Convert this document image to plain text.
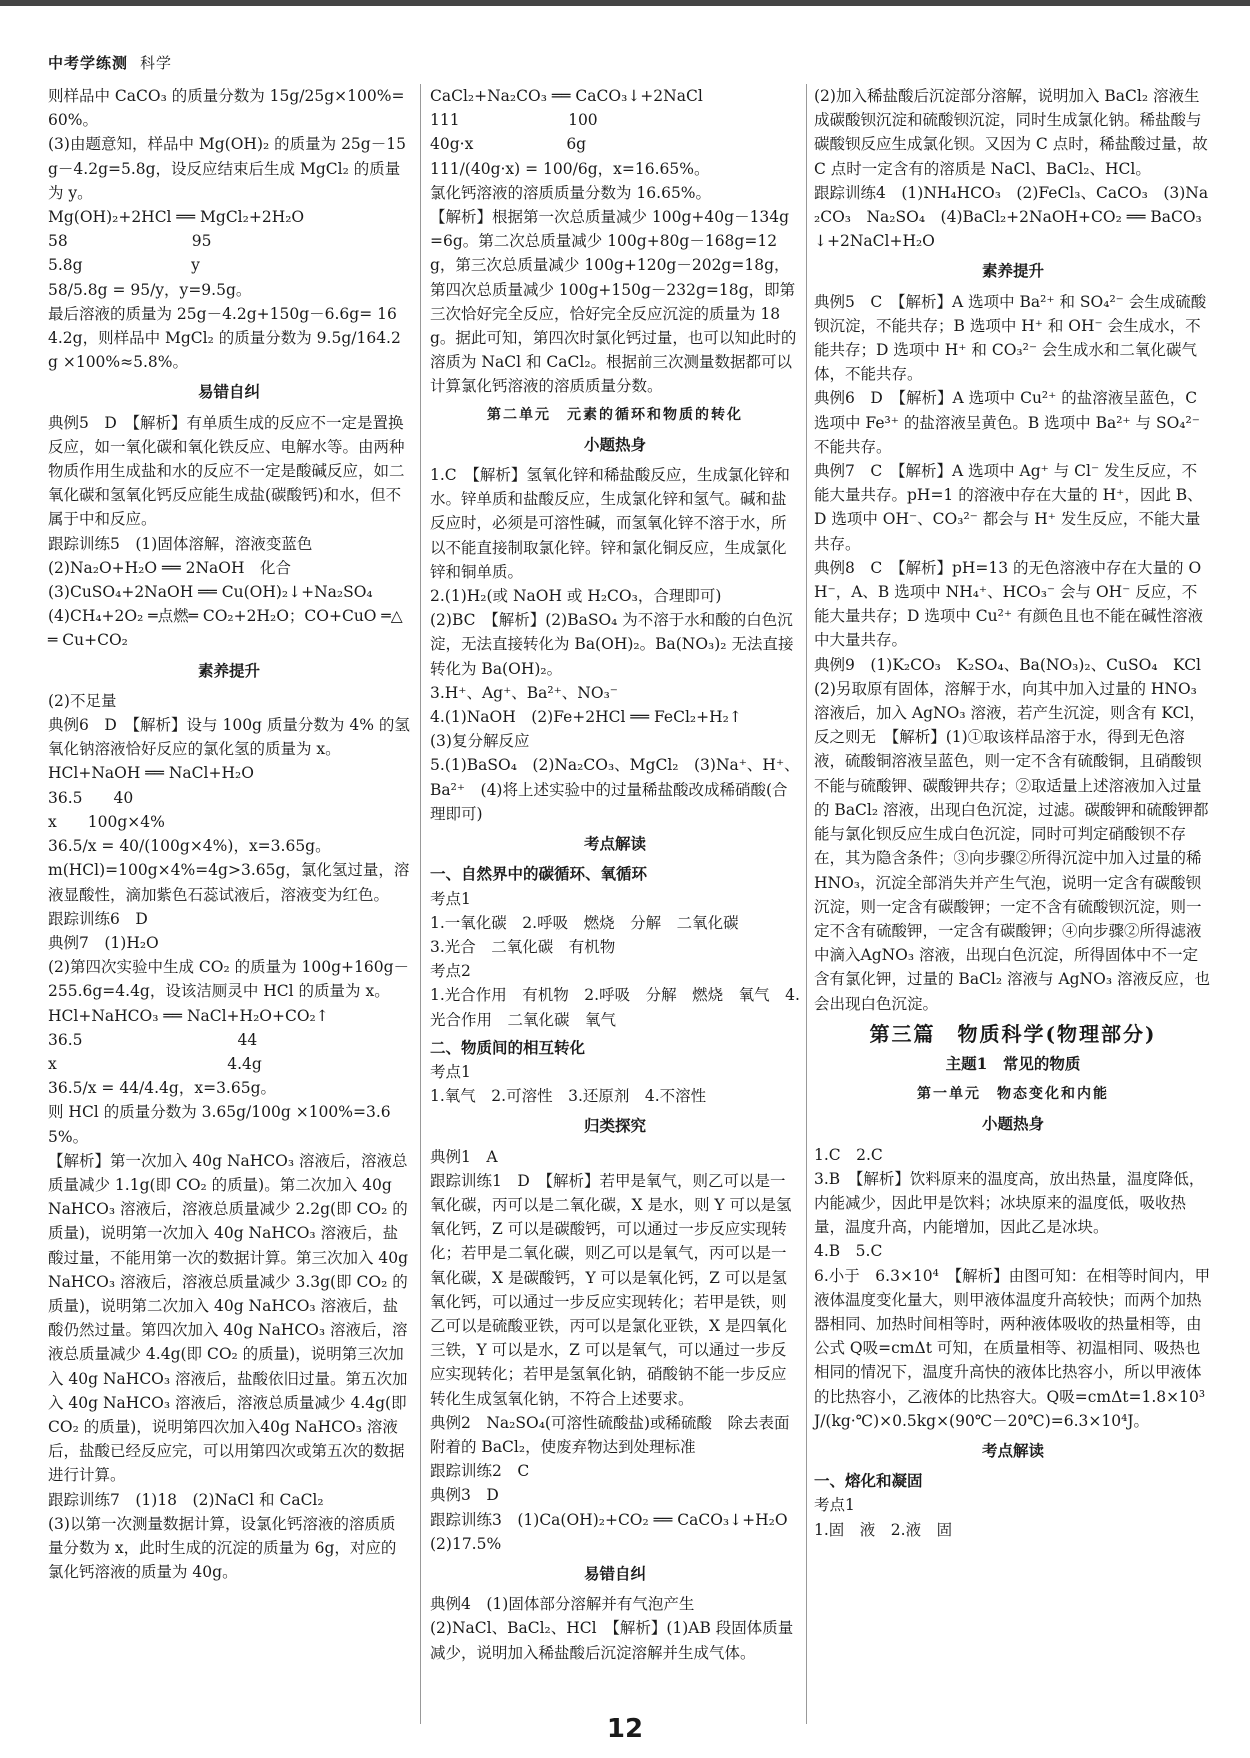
中考学练测 科学

则样品中 CaCO₃ 的质量分数为 15g/25g×100%=

60%。

(3)由题意知，样品中 Mg(OH)₂ 的质量为 25g－15g－4.2g=5.8g，设反应结束后生成 MgCl₂ 的质量为 y。

Mg(OH)₂+2HCl ══ MgCl₂+2H₂O

58　　　　　　　　95

5.8g　　　　　　　y

58/5.8g = 95/y，y=9.5g。

最后溶液的质量为 25g－4.2g+150g－6.6g= 164.2g，则样品中 MgCl₂ 的质量分数为 9.5g/164.2g ×100%≈5.8%。

易错自纠

典例5　D　【解析】有单质生成的反应不一定是置换反应，如一氧化碳和氧化铁反应、电解水等。由两种物质作用生成盐和水的反应不一定是酸碱反应，如二氧化碳和氢氧化钙反应能生成盐(碳酸钙)和水，但不属于中和反应。

跟踪训练5　(1)固体溶解，溶液变蓝色

(2)Na₂O+H₂O ══ 2NaOH　化合

(3)CuSO₄+2NaOH ══ Cu(OH)₂↓+Na₂SO₄

(4)CH₄+2O₂ ═点燃═ CO₂+2H₂O；CO+CuO ═△═ Cu+CO₂

素养提升

(2)不足量

典例6　D　【解析】设与 100g 质量分数为 4% 的氢氧化钠溶液恰好反应的氯化氢的质量为 x。

HCl+NaOH ══ NaCl+H₂O

36.5　　40

x　　100g×4%

36.5/x = 40/(100g×4%)，x=3.65g。

m(HCl)=100g×4%=4g>3.65g，氯化氢过量，溶液显酸性，滴加紫色石蕊试液后，溶液变为红色。

跟踪训练6　D

典例7　(1)H₂O

(2)第四次实验中生成 CO₂ 的质量为 100g+160g－255.6g=4.4g，设该洁厕灵中 HCl 的质量为 x。

HCl+NaHCO₃ ══ NaCl+H₂O+CO₂↑

36.5　　　　　　　　　　44

x　　　　　　　　　　　4.4g

36.5/x = 44/4.4g，x=3.65g。

则 HCl 的质量分数为 3.65g/100g ×100%=3.65%。

【解析】第一次加入 40g NaHCO₃ 溶液后，溶液总质量减少 1.1g(即 CO₂ 的质量)。第二次加入 40g NaHCO₃ 溶液后，溶液总质量减少 2.2g(即 CO₂ 的质量)，说明第一次加入 40g NaHCO₃ 溶液后，盐酸过量，不能用第一次的数据计算。第三次加入 40g NaHCO₃ 溶液后，溶液总质量减少 3.3g(即 CO₂ 的质量)，说明第二次加入 40g NaHCO₃ 溶液后，盐酸仍然过量。第四次加入 40g NaHCO₃ 溶液后，溶液总质量减少 4.4g(即 CO₂ 的质量)，说明第三次加入 40g NaHCO₃ 溶液后，盐酸依旧过量。第五次加入 40g NaHCO₃ 溶液后，溶液总质量减少 4.4g(即 CO₂ 的质量)，说明第四次加入40g NaHCO₃ 溶液后，盐酸已经反应完，可以用第四次或第五次的数据进行计算。

跟踪训练7　(1)18　(2)NaCl 和 CaCl₂

(3)以第一次测量数据计算，设氯化钙溶液的溶质质量分数为 x，此时生成的沉淀的质量为 6g，对应的氯化钙溶液的质量为 40g。

CaCl₂+Na₂CO₃ ══ CaCO₃↓+2NaCl

111　　　　　　　100

40g·x　　　　　　6g

111/(40g·x) = 100/6g，x=16.65%。

氯化钙溶液的溶质质量分数为 16.65%。

【解析】根据第一次总质量减少 100g+40g－134g=6g。第二次总质量减少 100g+80g－168g=12g，第三次总质量减少 100g+120g－202g=18g，第四次总质量减少 100g+150g－232g=18g，即第三次恰好完全反应，恰好完全反应沉淀的质量为 18g。据此可知，第四次时氯化钙过量，也可以知此时的溶质为 NaCl 和 CaCl₂。根据前三次测量数据都可以计算氯化钙溶液的溶质质量分数。

第二单元　元素的循环和物质的转化

小题热身

1.C　【解析】氢氧化锌和稀盐酸反应，生成氯化锌和水。锌单质和盐酸反应，生成氯化锌和氢气。碱和盐反应时，必须是可溶性碱，而氢氧化锌不溶于水，所以不能直接制取氯化锌。锌和氯化铜反应，生成氯化锌和铜单质。

2.(1)H₂(或 NaOH 或 H₂CO₃，合理即可)

(2)BC　【解析】(2)BaSO₄ 为不溶于水和酸的白色沉淀，无法直接转化为 Ba(OH)₂。Ba(NO₃)₂ 无法直接转化为 Ba(OH)₂。

3.H⁺、Ag⁺、Ba²⁺、NO₃⁻

4.(1)NaOH　(2)Fe+2HCl ══ FeCl₂+H₂↑

(3)复分解反应

5.(1)BaSO₄　(2)Na₂CO₃、MgCl₂　(3)Na⁺、H⁺、Ba²⁺　(4)将上述实验中的过量稀盐酸改成稀硝酸(合理即可)

考点解读

一、自然界中的碳循环、氧循环

考点1

1.一氧化碳　2.呼吸　燃烧　分解　二氧化碳

3.光合　二氧化碳　有机物

考点2

1.光合作用　有机物　2.呼吸　分解　燃烧　氧气　4.光合作用　二氧化碳　氧气

二、物质间的相互转化

考点1

1.氧气　2.可溶性　3.还原剂　4.不溶性

归类探究

典例1　A

跟踪训练1　D　【解析】若甲是氧气，则乙可以是一氧化碳，丙可以是二氧化碳，X 是水，则 Y 可以是氢氧化钙，Z 可以是碳酸钙，可以通过一步反应实现转化；若甲是二氧化碳，则乙可以是氧气，丙可以是一氧化碳，X 是碳酸钙，Y 可以是氧化钙，Z 可以是氢氧化钙，可以通过一步反应实现转化；若甲是铁，则乙可以是硫酸亚铁，丙可以是氯化亚铁，X 是四氧化三铁，Y 可以是水，Z 可以是氧气，可以通过一步反应实现转化；若甲是氢氧化钠，硝酸钠不能一步反应转化生成氢氧化钠，不符合上述要求。

典例2　Na₂SO₄(可溶性硫酸盐)或稀硫酸　除去表面附着的 BaCl₂，使废弃物达到处理标准

跟踪训练2　C

典例3　D

跟踪训练3　(1)Ca(OH)₂+CO₂ ══ CaCO₃↓+H₂O　(2)17.5%

易错自纠

典例4　(1)固体部分溶解并有气泡产生

(2)NaCl、BaCl₂、HCl　【解析】(1)AB 段固体质量减少，说明加入稀盐酸后沉淀溶解并生成气体。

(2)加入稀盐酸后沉淀部分溶解，说明加入 BaCl₂ 溶液生成碳酸钡沉淀和硫酸钡沉淀，同时生成氯化钠。稀盐酸与碳酸钡反应生成氯化钡。又因为 C 点时，稀盐酸过量，故 C 点时一定含有的溶质是 NaCl、BaCl₂、HCl。

跟踪训练4　(1)NH₄HCO₃　(2)FeCl₃、CaCO₃　(3)Na₂CO₃　Na₂SO₄　(4)BaCl₂+2NaOH+CO₂ ══ BaCO₃↓+2NaCl+H₂O

素养提升

典例5　C　【解析】A 选项中 Ba²⁺ 和 SO₄²⁻ 会生成硫酸钡沉淀，不能共存；B 选项中 H⁺ 和 OH⁻ 会生成水，不能共存；D 选项中 H⁺ 和 CO₃²⁻ 会生成水和二氧化碳气体，不能共存。

典例6　D　【解析】A 选项中 Cu²⁺ 的盐溶液呈蓝色，C 选项中 Fe³⁺ 的盐溶液呈黄色。B 选项中 Ba²⁺ 与 SO₄²⁻ 不能共存。

典例7　C　【解析】A 选项中 Ag⁺ 与 Cl⁻ 发生反应，不能大量共存。pH=1 的溶液中存在大量的 H⁺，因此 B、D 选项中 OH⁻、CO₃²⁻ 都会与 H⁺ 发生反应，不能大量共存。

典例8　C　【解析】pH=13 的无色溶液中存在大量的 OH⁻，A、B 选项中 NH₄⁺、HCO₃⁻ 会与 OH⁻ 反应，不能大量共存；D 选项中 Cu²⁺ 有颜色且也不能在碱性溶液中大量共存。

典例9　(1)K₂CO₃　K₂SO₄、Ba(NO₃)₂、CuSO₄　KCl　(2)另取原有固体，溶解于水，向其中加入过量的 HNO₃ 溶液后，加入 AgNO₃ 溶液，若产生沉淀，则含有 KCl，反之则无　【解析】(1)①取该样品溶于水，得到无色溶液，硫酸铜溶液呈蓝色，则一定不含有硫酸铜，且硝酸钡不能与硫酸钾、碳酸钾共存；②取适量上述溶液加入过量的 BaCl₂ 溶液，出现白色沉淀，过滤。碳酸钾和硫酸钾都能与氯化钡反应生成白色沉淀，同时可判定硝酸钡不存在，其为隐含条件；③向步骤②所得沉淀中加入过量的稀 HNO₃，沉淀全部消失并产生气泡，说明一定含有碳酸钡沉淀，则一定含有碳酸钾；一定不含有硫酸钡沉淀，则一定不含有硫酸钾，一定含有碳酸钾；④向步骤②所得滤液中滴入AgNO₃ 溶液，出现白色沉淀，所得固体中不一定含有氯化钾，过量的 BaCl₂ 溶液与 AgNO₃ 溶液反应，也会出现白色沉淀。

第三篇　物质科学(物理部分)

主题1　常见的物质

第一单元　物态变化和内能

小题热身

1.C　2.C

3.B　【解析】饮料原来的温度高，放出热量，温度降低，内能减少，因此甲是饮料；冰块原来的温度低，吸收热量，温度升高，内能增加，因此乙是冰块。

4.B　5.C

6.小于　6.3×10⁴　【解析】由图可知：在相等时间内，甲液体温度变化量大，则甲液体温度升高较快；而两个加热器相同、加热时间相等时，两种液体吸收的热量相等，由公式 Q吸=cmΔt 可知，在质量相等、初温相同、吸热也相同的情况下，温度升高快的液体比热容小，所以甲液体的比热容小，乙液体的比热容大。Q吸=cmΔt=1.8×10³J/(kg·℃)×0.5kg×(90℃－20℃)=6.3×10⁴J。

考点解读

一、熔化和凝固

考点1

1.固　液　2.液　固

12
